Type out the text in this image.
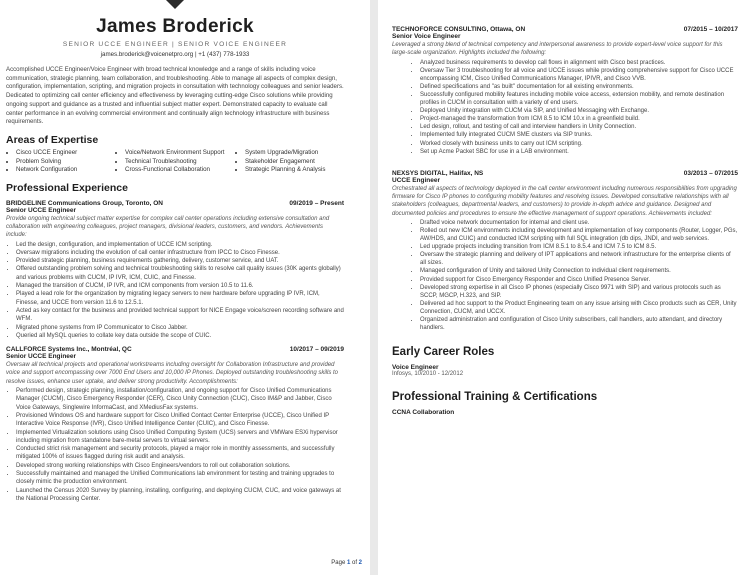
James Broderick
SENIOR UCCE ENGINEER | SENIOR VOICE ENGINEER
james.broderick@voicenetpro.org | +1 (437) 778-1933
Accomplished UCCE Engineer/Voice Engineer with broad technical knowledge and a range of skills including voice communication, strategic planning, team collaboration, and troubleshooting. Able to manage all aspects of complex design, configuration, implementation, scripting, and migration projects in consultation with technology colleagues and senior leaders. Dedicated to optimizing call center efficiency and effectiveness by leveraging cutting-edge Cisco solutions while providing ongoing support and guidance as a trusted and influential subject matter expert. Demonstrated capacity to evaluate call center performance in an evolving commercial environment and continually align technology infrastructure with business requirements.
Areas of Expertise
• Cisco UCCE Engineer
• Problem Solving
• Network Configuration
• Voice/Network Environment Support
• Technical Troubleshooting
• Cross-Functional Collaboration
• System Upgrade/Migration
• Stakeholder Engagement
• Strategic Planning & Analysis
Professional Experience
BRIDGELINE Communications Group, Toronto, ON	09/2019 – Present
Senior UCCE Engineer
Provide ongoing technical subject matter expertise for complex call center operations including extensive consultation and collaboration with engineering colleagues, project managers, divisional leaders, customers, and vendors. Achievements include:
• Led the design, configuration, and implementation of UCCE ICM scripting.
• Oversaw migrations including the evolution of call center infrastructure from IPCC to Cisco Finesse.
• Provided strategic planning, business requirements gathering, delivery, customer service, and UAT.
• Offered outstanding problem solving and technical troubleshooting skills to resolve call quality issues (30K agents globally) and various problems with CUCM, IP IVR, ICM, CUIC, and Finesse.
• Managed the transition of CUCM, IP IVR, and ICM components from version 10.5 to 11.6.
• Played a lead role for the organization by migrating legacy servers to new hardware before upgrading IP IVR, ICM, Finesse, and UCCE from version 11.6 to 12.5.1.
• Acted as key contact for the business and provided technical support for NICE Engage voice/screen recording software and WFM.
• Migrated phone systems from IP Communicator to Cisco Jabber.
• Queried all MySQL queries to collate key data outside the scope of CUIC.
CALLFORCE Systems Inc., Montréal, QC	10/2017 – 09/2019
Senior UCCE Engineer
Oversaw all technical projects and operational workstreams including oversight for Collaboration Infrastructure and provided voice and support encompassing over 7000 End Users and 10,000 IP Phones. Deployed outstanding troubleshooting skills to resolve issues, enhance user uptake, and deliver strong productivity. Accomplishments:
• Performed design, strategic planning, installation/configuration, and ongoing support for Cisco Unified Communications Manager (CUCM), Cisco Emergency Responder (CER), Cisco Unity Connection (CUC), Cisco IM&P and Jabber, Cisco Voice Gateways, Singlewire InformaCast, and XMediusFax systems.
• Provisioned Windows OS and hardware support for Cisco Unified Contact Center Enterprise (UCCE), Cisco Unified IP Interactive Voice Response (IVR), Cisco Unified Intelligence Center (CUIC), and Cisco Finesse.
• Implemented Virtualization solutions using Cisco Unified Computing System (UCS) servers and VMWare ESXi hypervisor including migration from standalone bare-metal servers to virtual servers.
• Conducted strict risk management and security protocols, played a major role in monthly assessments, and successfully mitigated 100% of issues flagged during risk audit and analysis.
• Developed strong working relationships with Cisco Engineers/vendors to roll out collaboration solutions.
• Successfully maintained and managed the Unified Communications lab environment for testing and training upgrades to closely mimic the production environment.
• Launched the Census 2020 Survey by planning, installing, configuring, and deploying CUCM, CUC, and voice gateways at the National Processing Center.
Page 1 of 2
TECHNOFORCE CONSULTING, Ottawa, ON	07/2015 – 10/2017
Senior Voice Engineer
Leveraged a strong blend of technical competency and interpersonal awareness to provide expert-level voice support for this large-scale organization. Highlights included the following:
• Analyzed business requirements to develop call flows in alignment with Cisco best practices.
• Oversaw Tier 3 troubleshooting for all voice and UCCE issues while providing comprehensive support for Cisco UCCE encompassing ICM, Cisco Unified Communications Manager, IPIVR, and Cisco VVB.
• Defined specifications and "as built" documentation for all existing environments.
• Successfully configured mobility features including mobile voice access, extension mobility, and remote destination profiles in CUCM in consultation with a variety of end users.
• Deployed Unity integration with CUCM via SIP, and Unified Messaging with Exchange.
• Project-managed the transformation from ICM 8.5 to ICM 10.x in a greenfield build.
• Led design, rollout, and testing of call and interview handlers in Unity Connection.
• Implemented fully integrated CUCM SME clusters via SIP trunks.
• Worked closely with business units to carry out ICM scripting.
• Set up Acme Packet SBC for use in a LAB environment.
NEXSYS DIGITAL, Halifax, NS	03/2013 – 07/2015
UCCE Engineer
Orchestrated all aspects of technology deployed in the call center environment including numerous responsibilities from upgrading firmware for Cisco IP phones to configuring mobility features and resolving issues. Developed consultative relationships with all stakeholders (colleagues, departmental leaders, and customers) to provide in-depth advice and guidance. Designed and documented policies and procedures to ensure the effective management of support operations. Achievements included:
• Drafted voice network documentation for internal and client use.
• Rolled out new ICM environments including development and implementation of key components (Router, Logger, PGs, AW/HDS, and CUIC) and conducted ICM scripting with full SQL integration (db dips, JNDI, and web services.
• Led upgrade projects including transition from ICM 8.5.1 to 8.5.4 and ICM 7.5 to ICM 8.5.
• Oversaw the strategic planning and delivery of IPT applications and network infrastructure for the enterprise clients of all sizes.
• Managed configuration of Unity and tailored Unity Connection to individual client requirements.
• Provided support for Cisco Emergency Responder and Cisco Unified Presence Server.
• Developed strong expertise in all Cisco IP phones (especially Cisco 9971 with SIP) and various protocols such as SCCP, MGCP, H.323, and SIP.
• Delivered ad hoc support to the Product Engineering team on any issue arising with Cisco products such as CER, Unity Connection, CUCM, and UCCX.
• Organized administration and configuration of Cisco Unity subscribers, call handlers, auto attendant, and directory handlers.
Early Career Roles
Voice Engineer
Infosys, 10/2010 - 12/2012
Professional Training & Certifications
CCNA Collaboration
